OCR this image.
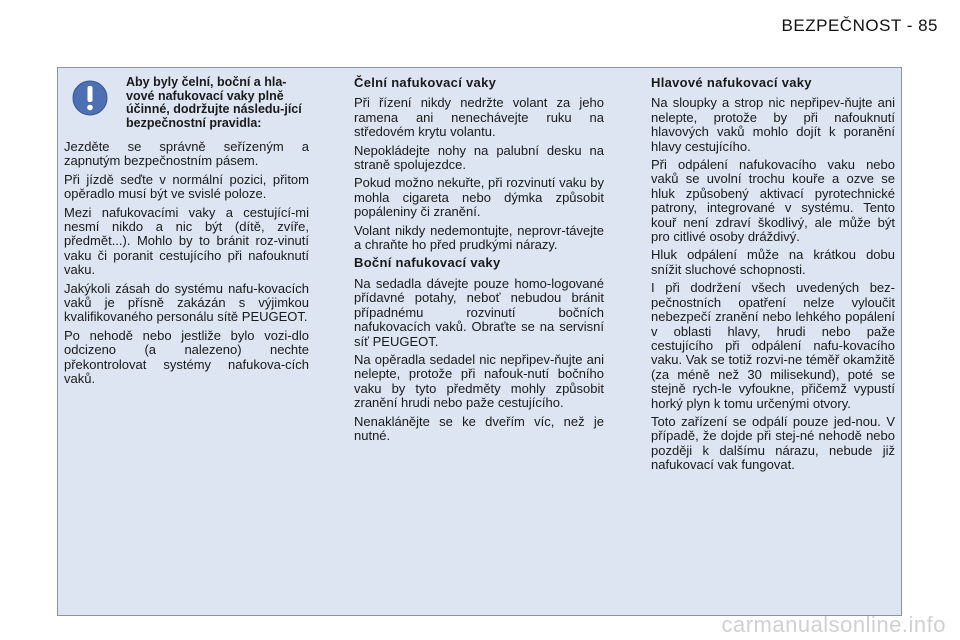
BEZPEČNOST - 85
Aby byly čelní, boční a hla-vové nafukovací vaky plně účinné, dodržujte následu-jící bezpečnostní pravidla:

Jezděte se správně seřízeným a zapnutým bezpečnostním pásem.

Při jízdě seďte v normální pozici, přitom opěradlo musí být ve svislé poloze.

Mezi nafukovacími vaky a cestující-mi nesmí nikdo a nic být (dítě, zvíře, předmět...). Mohlo by to bránit roz-vinutí vaku či poranit cestujícího při nafouknutí vaku.

Jakýkoli zásah do systému nafu-kovacích vaků je přísně zakázán s výjimkou kvalifikovaného personálu sítě PEUGEOT.

Po nehodě nebo jestliže bylo vozi-dlo odcizeno (a nalezeno) nechte překontrolovat systémy nafukova-cích vaků.

Čelní nafukovací vaky

Při řízení nikdy nedržte volant za jeho ramena ani nenechávejte ruku na středovém krytu volantu.

Nepokládejte nohy na palubní desku na straně spolujezdce.

Pokud možno nekuřte, při rozvinutí vaku by mohla cigareta nebo dýmka způsobit popáleniny či zranění.

Volant nikdy nedemontujte, neprovr-távejte a chraňte ho před prudkými nárazy.

Boční nafukovací vaky

Na sedadla dávejte pouze homo-logované přídavné potahy, neboť nebudou bránit případnému rozvinutí bočních nafukovacích vaků. Obraťte se na servisní síť PEUGEOT.

Na opěradla sedadel nic nepřipev-ňujte ani nelepte, protože při nafouk-nutí bočního vaku by tyto předměty mohly způsobit zranění hrudi nebo paže cestujícího.

Nenaklánějte se ke dveřím víc, než je nutné.

Hlavové nafukovací vaky

Na sloupky a strop nic nepřipev-ňujte ani nelepte, protože by při nafouknutí hlavových vaků mohlo dojít k poranění hlavy cestujícího.

Při odpálení nafukovacího vaku nebo vaků se uvolní trochu kouře a ozve se hluk způsobený aktivací pyrotechnické patrony, integrované v systému. Tento kouř není zdraví škodlivý, ale může být pro citlivé osoby dráždivý.

Hluk odpálení může na krátkou dobu snížit sluchové schopnosti.

I při dodržení všech uvedených bez-pečnostních opatření nelze vyloučit nebezpečí zranění nebo lehkého popálení v oblasti hlavy, hrudi nebo paže cestujícího při odpálení nafu-kovacího vaku. Vak se totiž rozvi-ne téměř okamžitě (za méně než 30 milisekund), poté se stejně rych-le vyfoukne, přičemž vypustí horký plyn k tomu určenými otvory.

Toto zařízení se odpálí pouze jed-nou. V případě, že dojde při stej-né nehodě nebo později k dalšímu nárazu, nebude již nafukovací vak fungovat.

carmanualsonline.info
